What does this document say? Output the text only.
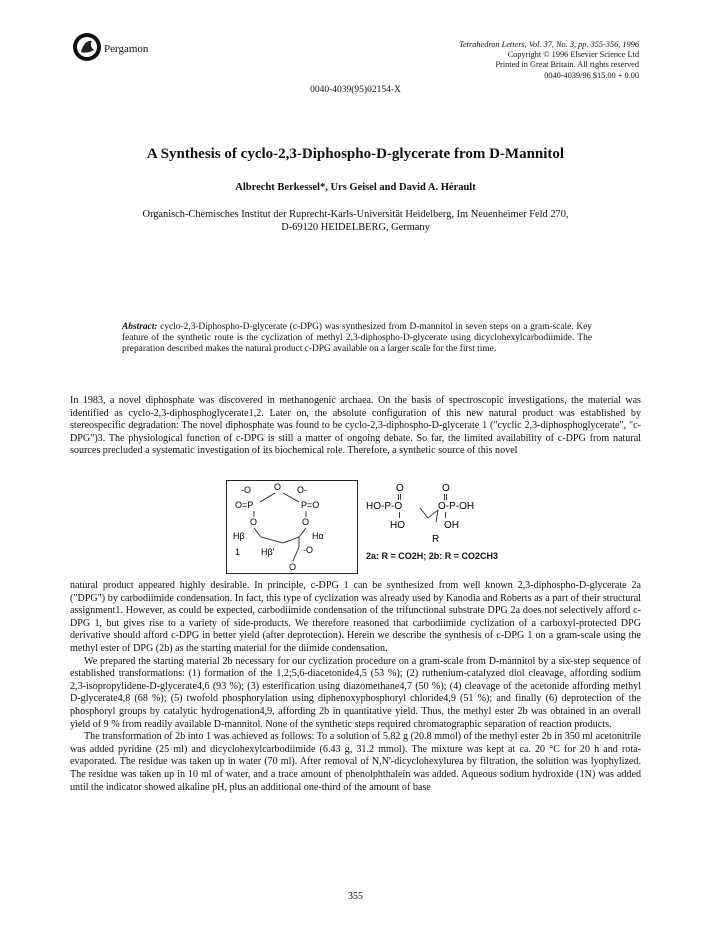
Pergamon	Tetrahedron Letters, Vol. 37, No. 3, pp. 355-356, 1996
Copyright © 1996 Elsevier Science Ltd
Printed in Great Britain. All rights reserved
0040-4039/96 $15.00 + 0.00
0040-4039(95)02154-X
A Synthesis of cyclo-2,3-Diphospho-D-glycerate from D-Mannitol
Albrecht Berkessel*, Urs Geisel and David A. Hérault
Organisch-Chemisches Institut der Ruprecht-Karls-Universität Heidelberg, Im Neuenheimer Feld 270,
D-69120 HEIDELBERG, Germany
Abstract: cyclo-2,3-Diphospho-D-glycerate (c-DPG) was synthesized from D-mannitol in seven steps on a gram-scale. Key feature of the synthetic route is the cyclization of methyl 2,3-diphospho-D-glycerate using dicyclohexylcarbodiimide. The preparation described makes the natural product c-DPG available on a larger scale for the first time.

In 1983, a novel diphosphate was discovered in methanogenic archaea. On the basis of spectroscopic investigations, the material was identified as cyclo-2,3-diphosphoglycerate1,2. Later on, the absolute configuration of this new natural product was established by stereospecific degradation: The novel diphosphate was found to be cyclo-2,3-diphospho-D-glycerate 1 ("cyclic 2,3-diphosphoglycerate", "c-DPG")3. The physiological function of c-DPG is still a matter of ongoing debate. So far, the limited availability of c-DPG from natural sources precluded a systematic investigation of its biochemical role. Therefore, a synthetic source of this novel

-O	O O-
O=P	P=O
O	O
Hβ	Hα
1 Hβ'	-O
O
O	O
HO-P-O	O-P-OH
HO	OH
R
2a: R = CO2H; 2b: R = CO2CH3

natural product appeared highly desirable. In principle, c-DPG 1 can be synthesized from well known 2,3-diphospho-D-glycerate 2a ("DPG") by carbodiimide condensation. In fact, this type of cyclization was already used by Kanodia and Roberts as a part of their structural assignment1. However, as could be expected, carbodiimide condensation of the trifunctional substrate DPG 2a does not selectively afford c-DPG 1, but gives rise to a variety of side-products. We therefore reasoned that carbodiimide cyclization of a carboxyl-protected DPG derivative should afford c-DPG in better yield (after deprotection). Herein we describe the synthesis of c-DPG 1 on a gram-scale using the methyl ester of DPG (2b) as the starting material for the diimide condensation.

We prepared the starting material 2b necessary for our cyclization procedure on a gram-scale from D-mannitol by a six-step sequence of established transformations: (1) formation of the 1,2;5,6-diacetonide4,5 (53 %); (2) ruthenium-catalyzed diol cleavage, affording sodium 2,3-isopropylidene-D-glycerate4,6 (93 %); (3) esterification using diazomethane4,7 (50 %); (4) cleavage of the acetonide affording methyl D-glycerate4,8 (68 %); (5) twofold phosphorylation using diphenoxyphosphoryl chloride4,9 (51 %); and finally (6) deprotection of the phosphoryl groups by catalytic hydrogenation4,9, affording 2b in quantitative yield. Thus, the methyl ester 2b was obtained in an overall yield of 9 % from readily available D-mannitol. None of the synthetic steps required chromatographic separation of reaction products.

The transformation of 2b into 1 was achieved as follows: To a solution of 5.82 g (20.8 mmol) of the methyl ester 2b in 350 ml acetonitrile was added pyridine (25 ml) and dicyclohexylcarbodiimide (6.43 g, 31.2 mmol). The mixture was kept at ca. 20 °C for 20 h and rota-evaporated. The residue was taken up in water (70 ml). After removal of N,N'-dicyclohexylurea by filtration, the solution was lyophylized. The residue was taken up in 10 ml of water, and a trace amount of phenolphthalein was added. Aqueous sodium hydroxide (1N) was added until the indicator showed alkaline pH, plus an additional one-third of the amount of base

355
